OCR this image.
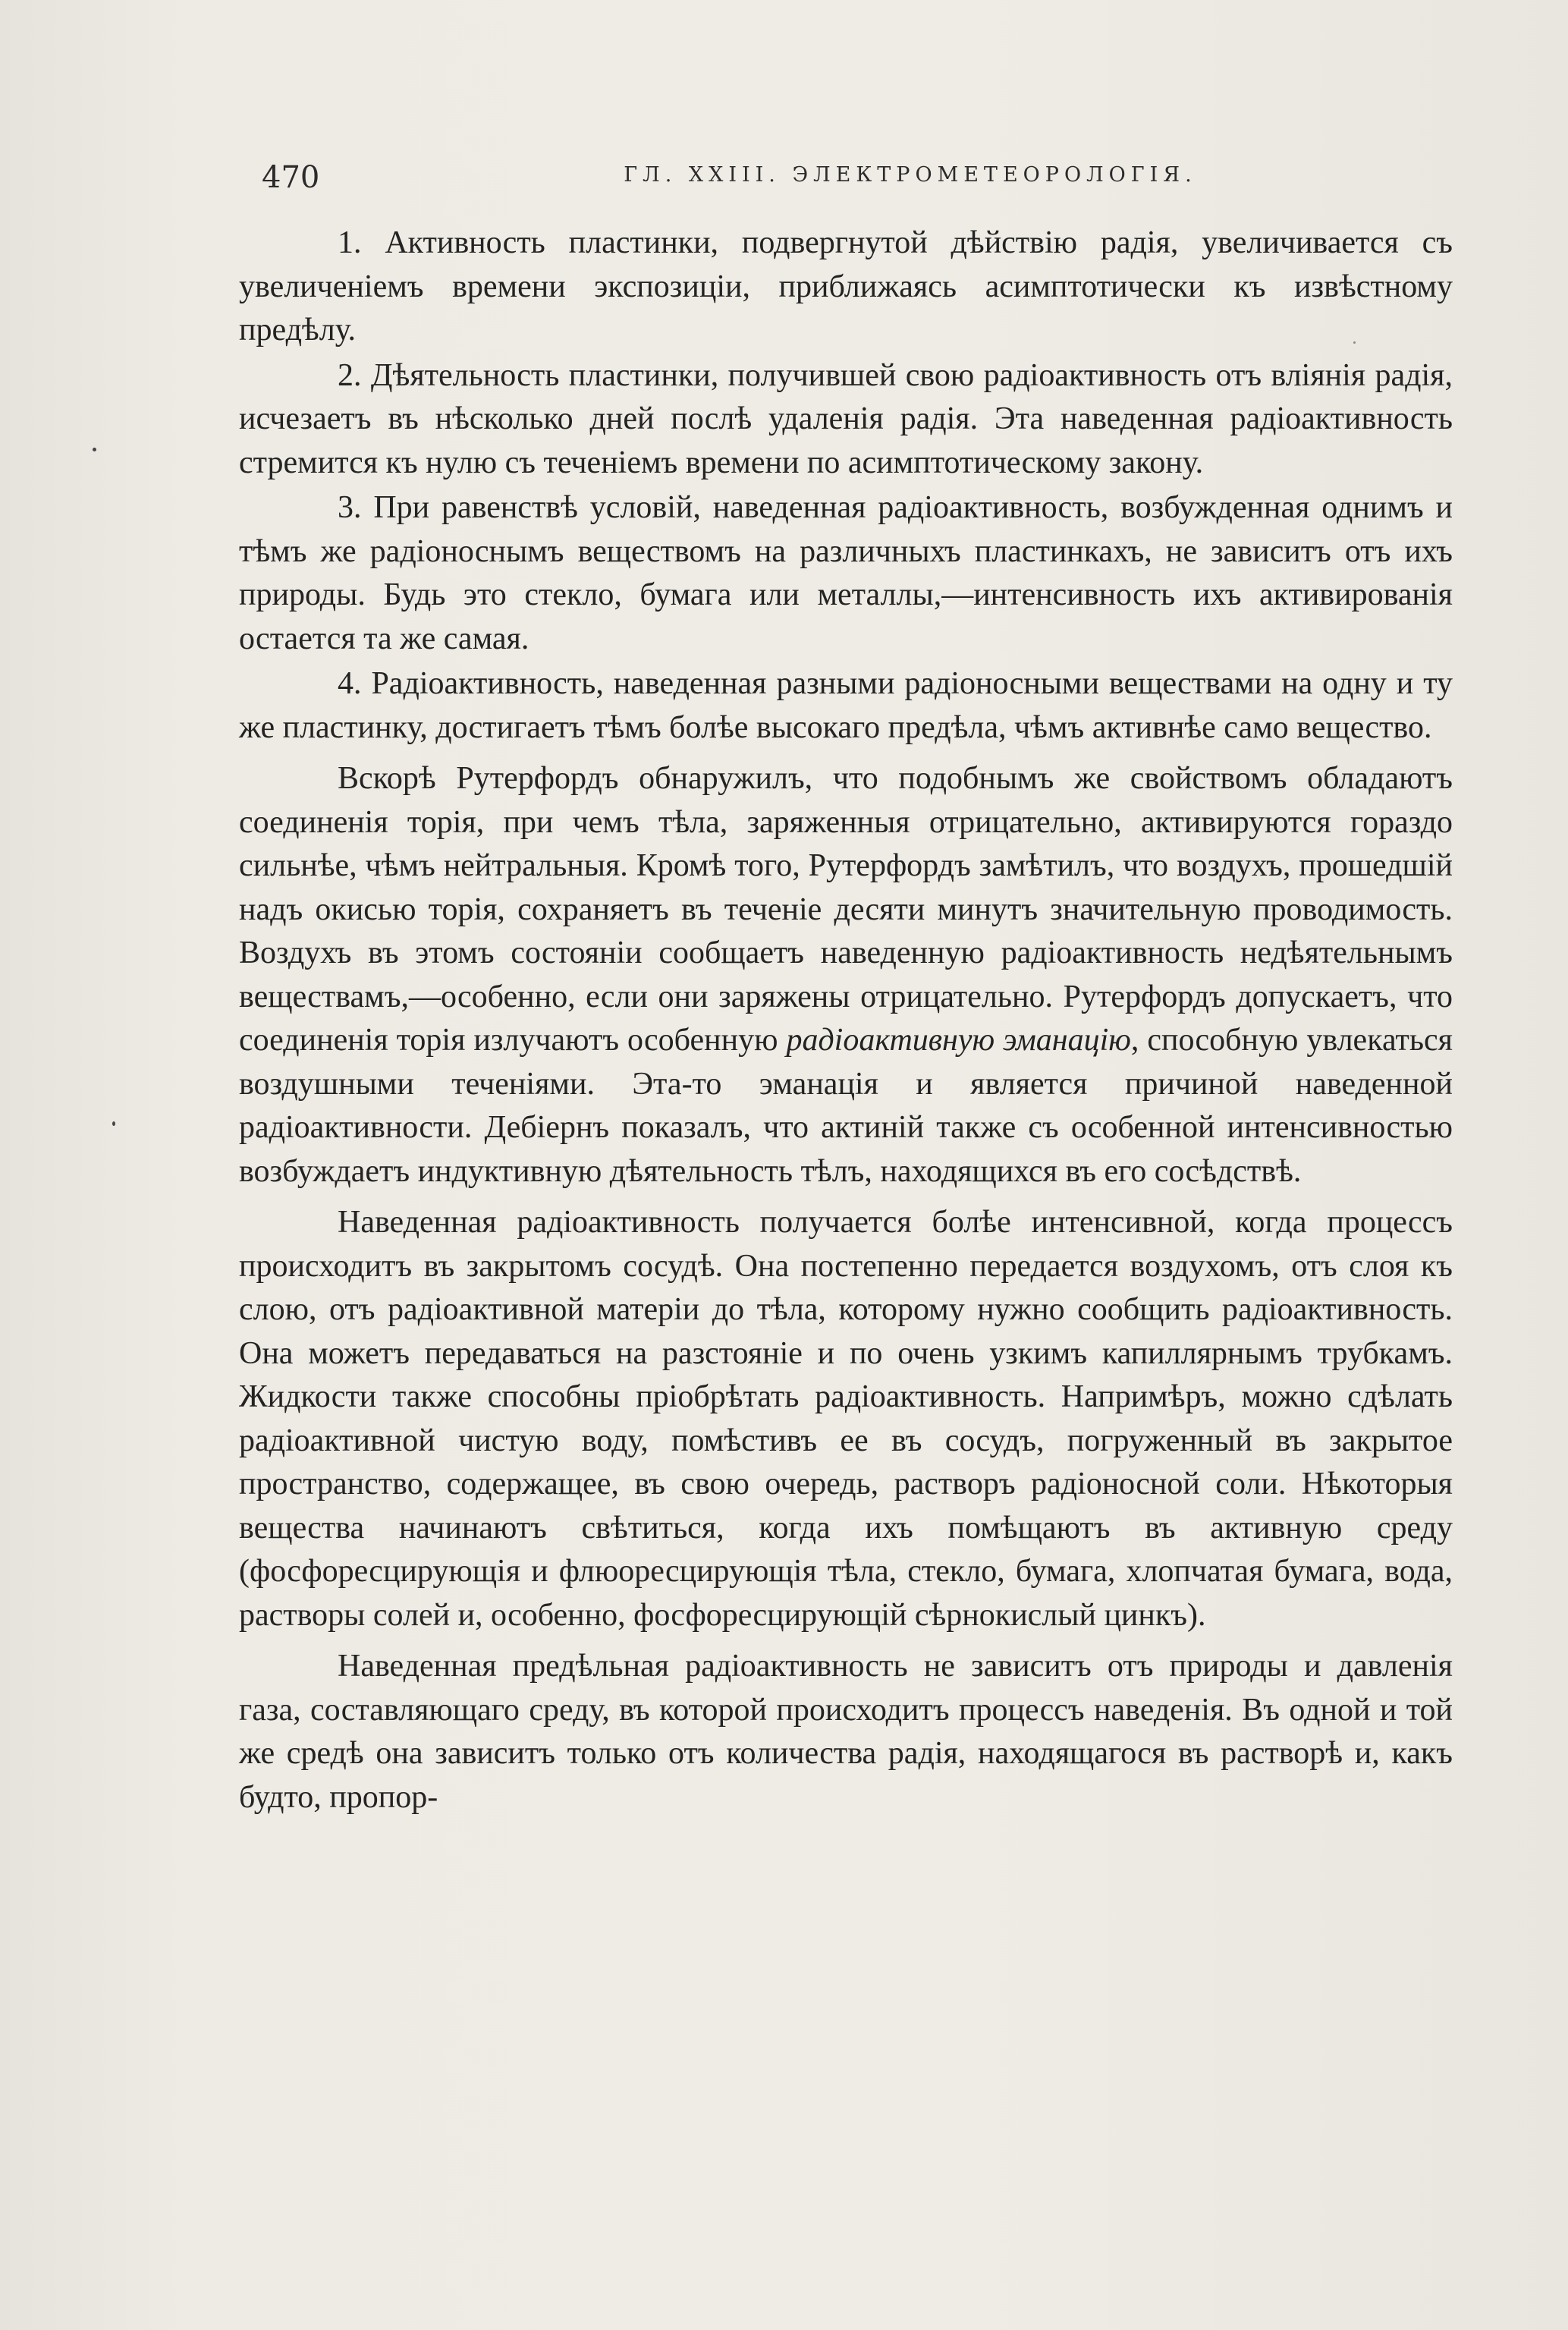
470	ГЛ. XXIII. ЭЛЕКТРОМЕТЕОРОЛОГІЯ.

1. Активность пластинки, подвергнутой дѣйствію радія, увеличивается съ увеличеніемъ времени экспозиціи, приближаясь асимптотически къ извѣстному предѣлу.

2. Дѣятельность пластинки, получившей свою радіоактивность отъ вліянія радія, исчезаетъ въ нѣсколько дней послѣ удаленія радія. Эта наведенная радіоактивность стремится къ нулю съ теченіемъ времени по асимптотическому закону.

3. При равенствѣ условій, наведенная радіоактивность, возбужденная однимъ и тѣмъ же радіоноснымъ веществомъ на различныхъ пластинкахъ, не зависитъ отъ ихъ природы. Будь это стекло, бумага или металлы,—интенсивность ихъ активированія остается та же самая.

4. Радіоактивность, наведенная разными радіоносными веществами на одну и ту же пластинку, достигаетъ тѣмъ болѣе высокаго предѣла, чѣмъ активнѣе само вещество.

Вскорѣ Рутерфордъ обнаружилъ, что подобнымъ же свойствомъ обладаютъ соединенія торія, при чемъ тѣла, заряженныя отрицательно, активируются гораздо сильнѣе, чѣмъ нейтральныя. Кромѣ того, Рутерфордъ замѣтилъ, что воздухъ, прошедшій надъ окисью торія, сохраняетъ въ теченіе десяти минутъ значительную проводимость. Воздухъ въ этомъ состояніи сообщаетъ наведенную радіоактивность недѣятельнымъ веществамъ,—особенно, если они заряжены отрицательно. Рутерфордъ допускаетъ, что соединенія торія излучаютъ особенную радіоактивную эманацію, способную увлекаться воздушными теченіями. Эта-то эманація и является причиной наведенной радіоактивности. Дебіернъ показалъ, что актиній также съ особенной интенсивностью возбуждаетъ индуктивную дѣятельность тѣлъ, находящихся въ его сосѣдствѣ.

Наведенная радіоактивность получается болѣе интенсивной, когда процессъ происходитъ въ закрытомъ сосудѣ. Она постепенно передается воздухомъ, отъ слоя къ слою, отъ радіоактивной матеріи до тѣла, которому нужно сообщить радіоактивность. Она можетъ передаваться на разстояніе и по очень узкимъ капиллярнымъ трубкамъ. Жидкости также способны пріобрѣтать радіоактивность. Напримѣръ, можно сдѣлать радіоактивной чистую воду, помѣстивъ ее въ сосудъ, погруженный въ закрытое пространство, содержащее, въ свою очередь, растворъ радіоносной соли. Нѣкоторыя вещества начинаютъ свѣтиться, когда ихъ помѣщаютъ въ активную среду (фосфоресцирующія и флюоресцирующія тѣла, стекло, бумага, хлопчатая бумага, вода, растворы солей и, особенно, фосфоресцирующій сѣрнокислый цинкъ).

Наведенная предѣльная радіоактивность не зависитъ отъ природы и давленія газа, составляющаго среду, въ которой происходитъ процессъ наведенія. Въ одной и той же средѣ она зависитъ только отъ количества радія, находящагося въ растворѣ и, какъ будто, пропор-
